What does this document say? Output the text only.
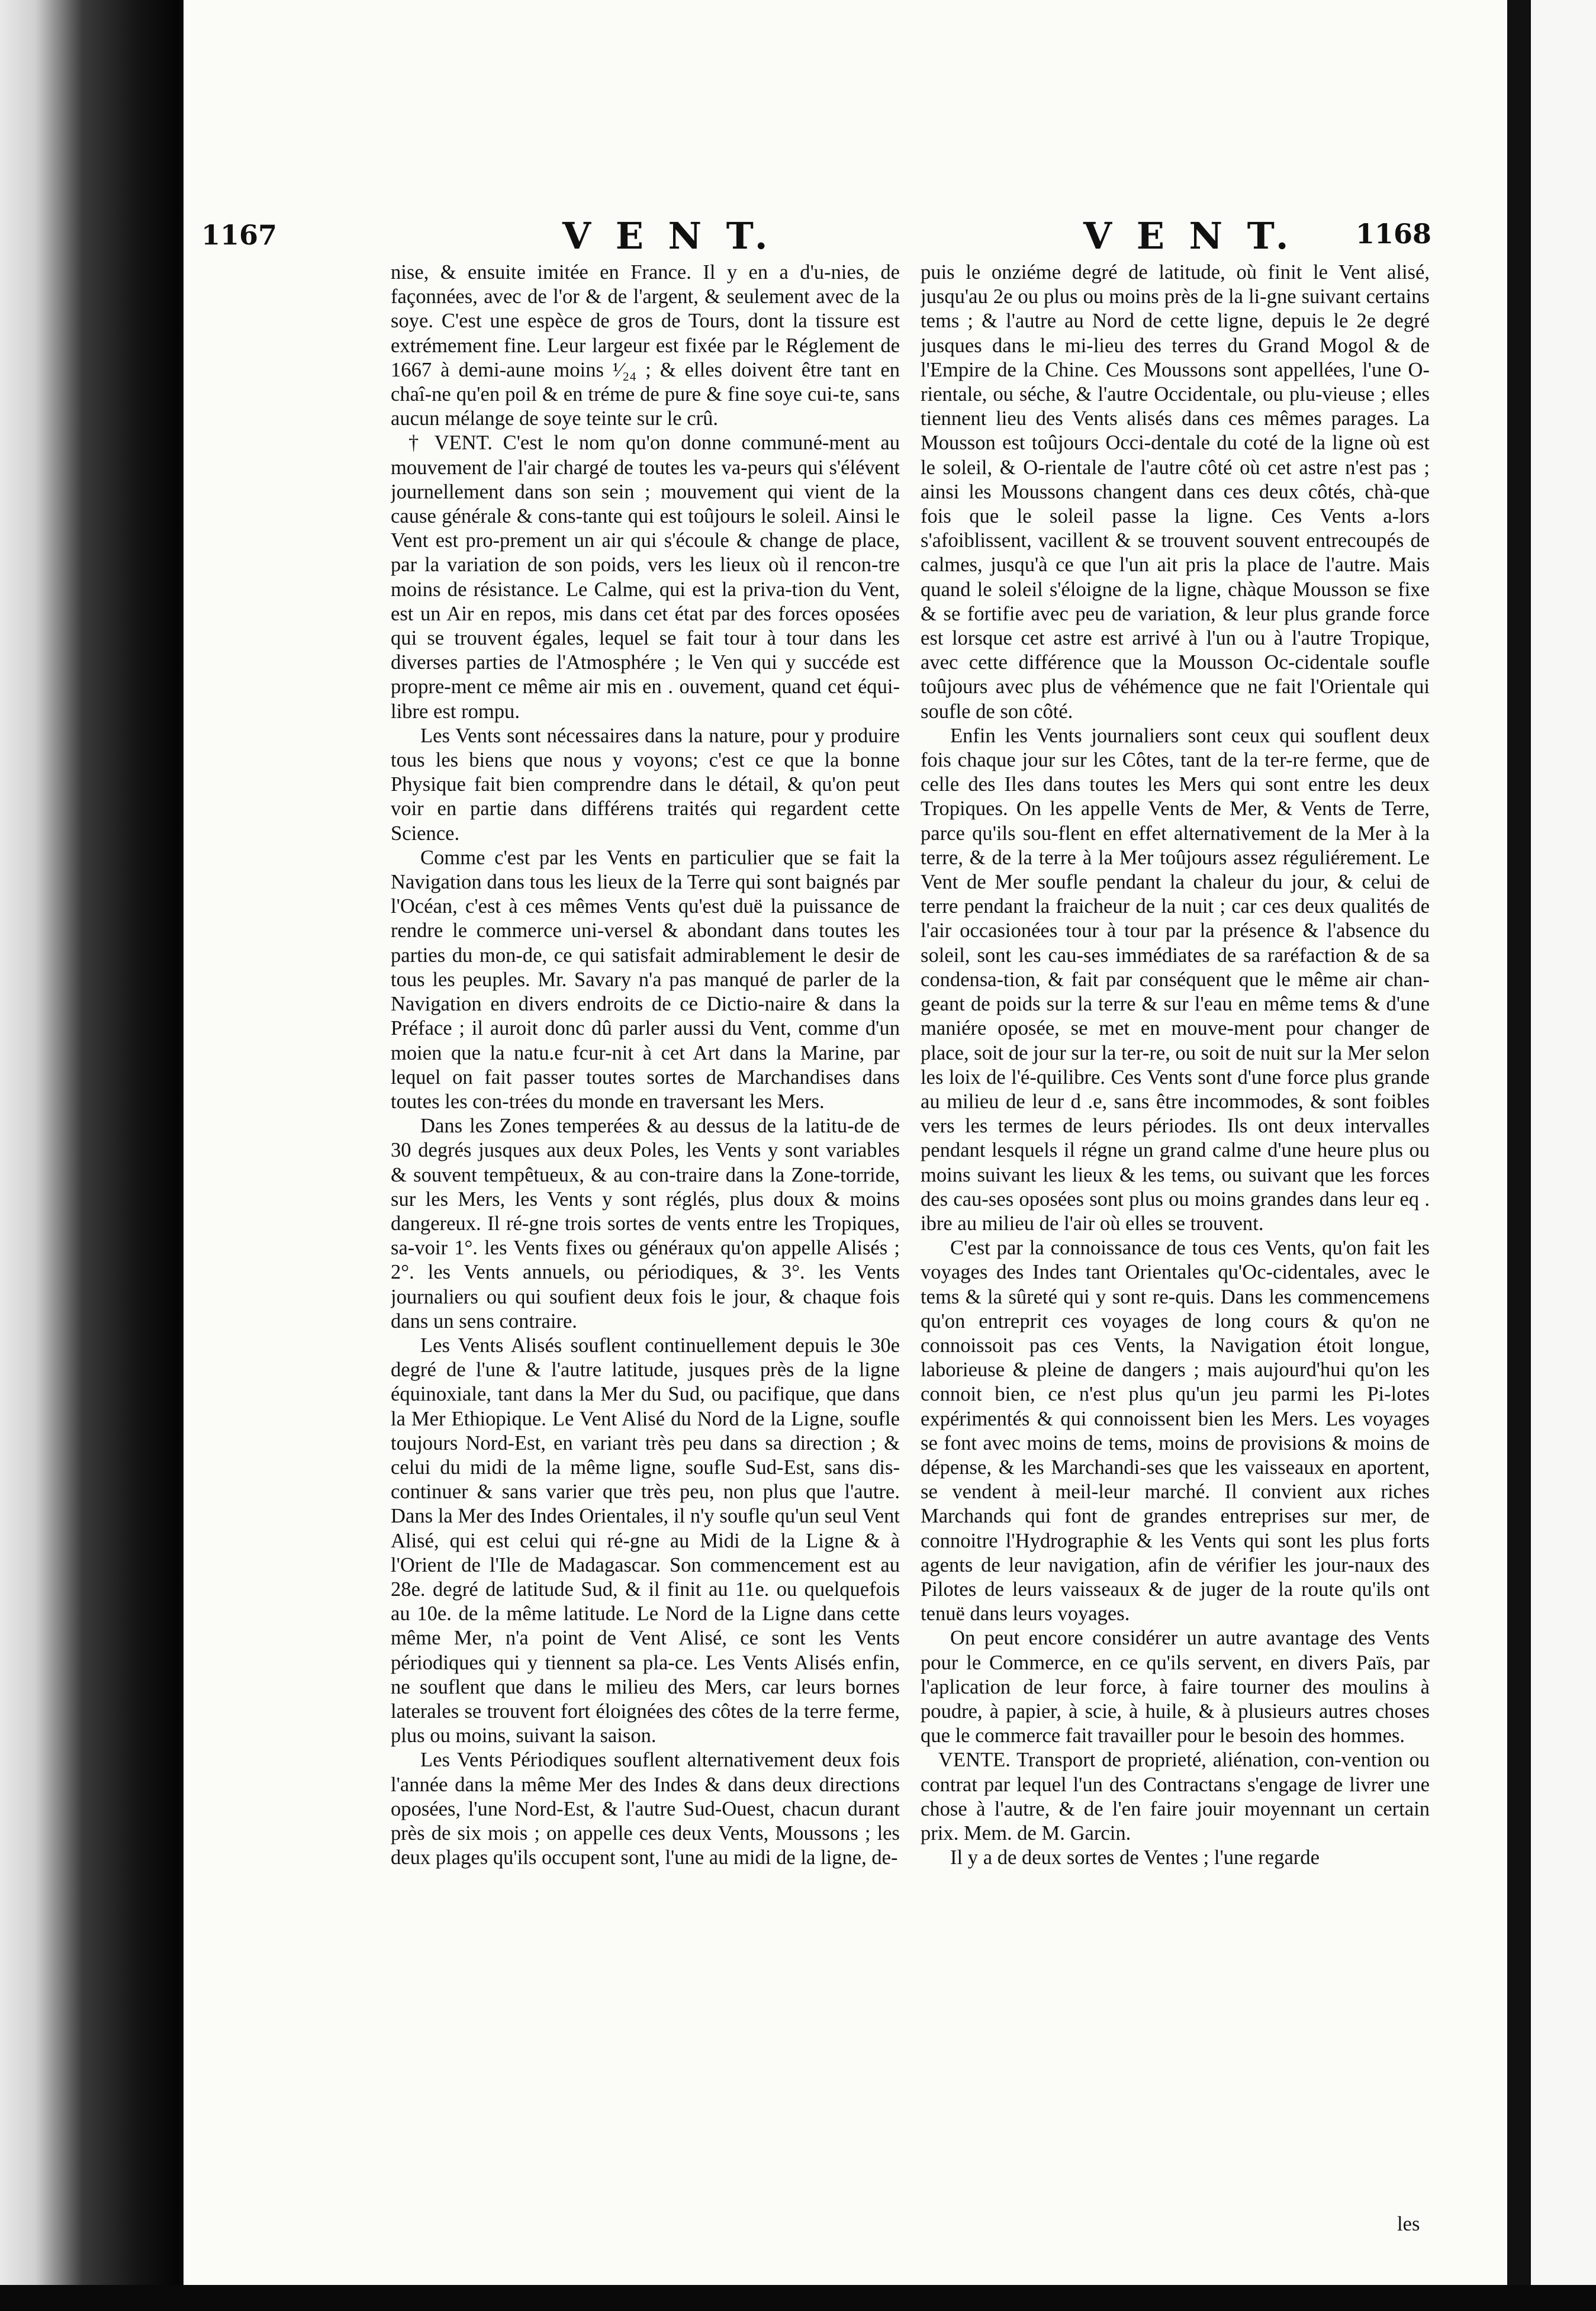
1167	V E N T.	V E N T. 1168

nise, & ensuite imitée en France. Il y en a d'u-nies, de façonnées, avec de l'or & de l'argent, & seulement avec de la soye. C'est une espèce de gros de Tours, dont la tissure est extrémement fine. Leur largeur est fixée par le Réglement de 1667 à demi-aune moins ¹⁄₂₄ ; & elles doivent être tant en chaî-ne qu'en poil & en tréme de pure & fine soye cui-te, sans aucun mélange de soye teinte sur le crû.

† VENT. C'est le nom qu'on donne communé-ment au mouvement de l'air chargé de toutes les va-peurs qui s'élévent journellement dans son sein ; mouvement qui vient de la cause générale & cons-tante qui est toûjours le soleil. Ainsi le Vent est pro-prement un air qui s'écoule & change de place, par la variation de son poids, vers les lieux où il rencon-tre moins de résistance. Le Calme, qui est la priva-tion du Vent, est un Air en repos, mis dans cet état par des forces oposées qui se trouvent égales, lequel se fait tour à tour dans les diverses parties de l'Atmosphére ; le Ven qui y succéde est propre-ment ce même air mis en . ouvement, quand cet équi-libre est rompu.

Les Vents sont nécessaires dans la nature, pour y produire tous les biens que nous y voyons; c'est ce que la bonne Physique fait bien comprendre dans le détail, & qu'on peut voir en partie dans différens traités qui regardent cette Science.

Comme c'est par les Vents en particulier que se fait la Navigation dans tous les lieux de la Terre qui sont baignés par l'Océan, c'est à ces mêmes Vents qu'est duë la puissance de rendre le commerce uni-versel & abondant dans toutes les parties du mon-de, ce qui satisfait admirablement le desir de tous les peuples. Mr. Savary n'a pas manqué de parler de la Navigation en divers endroits de ce Dictio-naire & dans la Préface ; il auroit donc dû parler aussi du Vent, comme d'un moien que la natu.e fcur-nit à cet Art dans la Marine, par lequel on fait passer toutes sortes de Marchandises dans toutes les con-trées du monde en traversant les Mers.

Dans les Zones temperées & au dessus de la latitu-de de 30 degrés jusques aux deux Poles, les Vents y sont variables & souvent tempêtueux, & au con-traire dans la Zone-torride, sur les Mers, les Vents y sont réglés, plus doux & moins dangereux. Il ré-gne trois sortes de vents entre les Tropiques, sa-voir 1°. les Vents fixes ou généraux qu'on appelle Alisés ; 2°. les Vents annuels, ou périodiques, & 3°. les Vents journaliers ou qui soufient deux fois le jour, & chaque fois dans un sens contraire.

Les Vents Alisés souflent continuellement depuis le 30e degré de l'une & l'autre latitude, jusques près de la ligne équinoxiale, tant dans la Mer du Sud, ou pacifique, que dans la Mer Ethiopique. Le Vent Alisé du Nord de la Ligne, soufle toujours Nord-Est, en variant très peu dans sa direction ; & celui du midi de la même ligne, soufle Sud-Est, sans dis-continuer & sans varier que très peu, non plus que l'autre. Dans la Mer des Indes Orientales, il n'y soufle qu'un seul Vent Alisé, qui est celui qui ré-gne au Midi de la Ligne & à l'Orient de l'Ile de Madagascar. Son commencement est au 28e. degré de latitude Sud, & il finit au 11e. ou quelquefois au 10e. de la même latitude. Le Nord de la Ligne dans cette même Mer, n'a point de Vent Alisé, ce sont les Vents périodiques qui y tiennent sa pla-ce. Les Vents Alisés enfin, ne souflent que dans le milieu des Mers, car leurs bornes laterales se trouvent fort éloignées des côtes de la terre ferme, plus ou moins, suivant la saison.

Les Vents Périodiques souflent alternativement deux fois l'année dans la même Mer des Indes & dans deux directions oposées, l'une Nord-Est, & l'autre Sud-Ouest, chacun durant près de six mois ; on appelle ces deux Vents, Moussons ; les deux plages qu'ils occupent sont, l'une au midi de la ligne, de-

puis le onziéme degré de latitude, où finit le Vent alisé, jusqu'au 2e ou plus ou moins près de la li-gne suivant certains tems ; & l'autre au Nord de cette ligne, depuis le 2e degré jusques dans le mi-lieu des terres du Grand Mogol & de l'Empire de la Chine. Ces Moussons sont appellées, l'une O-rientale, ou séche, & l'autre Occidentale, ou plu-vieuse ; elles tiennent lieu des Vents alisés dans ces mêmes parages. La Mousson est toûjours Occi-dentale du coté de la ligne où est le soleil, & O-rientale de l'autre côté où cet astre n'est pas ; ainsi les Moussons changent dans ces deux côtés, chà-que fois que le soleil passe la ligne. Ces Vents a-lors s'afoiblissent, vacillent & se trouvent souvent entrecoupés de calmes, jusqu'à ce que l'un ait pris la place de l'autre. Mais quand le soleil s'éloigne de la ligne, chàque Mousson se fixe & se fortifie avec peu de variation, & leur plus grande force est lorsque cet astre est arrivé à l'un ou à l'autre Tropique, avec cette différence que la Mousson Oc-cidentale soufle toûjours avec plus de véhémence que ne fait l'Orientale qui soufle de son côté.

Enfin les Vents journaliers sont ceux qui souflent deux fois chaque jour sur les Côtes, tant de la ter-re ferme, que de celle des Iles dans toutes les Mers qui sont entre les deux Tropiques. On les appelle Vents de Mer, & Vents de Terre, parce qu'ils sou-flent en effet alternativement de la Mer à la terre, & de la terre à la Mer toûjours assez réguliérement. Le Vent de Mer soufle pendant la chaleur du jour, & celui de terre pendant la fraicheur de la nuit ; car ces deux qualités de l'air occasionées tour à tour par la présence & l'absence du soleil, sont les cau-ses immédiates de sa raréfaction & de sa condensa-tion, & fait par conséquent que le même air chan-geant de poids sur la terre & sur l'eau en même tems & d'une maniére oposée, se met en mouve-ment pour changer de place, soit de jour sur la ter-re, ou soit de nuit sur la Mer selon les loix de l'é-quilibre. Ces Vents sont d'une force plus grande au milieu de leur d .e, sans être incommodes, & sont foibles vers les termes de leurs périodes. Ils ont deux intervalles pendant lesquels il régne un grand calme d'une heure plus ou moins suivant les lieux & les tems, ou suivant que les forces des cau-ses oposées sont plus ou moins grandes dans leur eq . ibre au milieu de l'air où elles se trouvent.

C'est par la connoissance de tous ces Vents, qu'on fait les voyages des Indes tant Orientales qu'Oc-cidentales, avec le tems & la sûreté qui y sont re-quis. Dans les commencemens qu'on entreprit ces voyages de long cours & qu'on ne connoissoit pas ces Vents, la Navigation étoit longue, laborieuse & pleine de dangers ; mais aujourd'hui qu'on les connoit bien, ce n'est plus qu'un jeu parmi les Pi-lotes expérimentés & qui connoissent bien les Mers. Les voyages se font avec moins de tems, moins de provisions & moins de dépense, & les Marchandi-ses que les vaisseaux en aportent, se vendent à meil-leur marché. Il convient aux riches Marchands qui font de grandes entreprises sur mer, de connoitre l'Hydrographie & les Vents qui sont les plus forts agents de leur navigation, afin de vérifier les jour-naux des Pilotes de leurs vaisseaux & de juger de la route qu'ils ont tenuë dans leurs voyages.

On peut encore considérer un autre avantage des Vents pour le Commerce, en ce qu'ils servent, en divers Païs, par l'aplication de leur force, à faire tourner des moulins à poudre, à papier, à scie, à huile, & à plusieurs autres choses que le commerce fait travailler pour le besoin des hommes.

VENTE. Transport de proprieté, aliénation, con-vention ou contrat par lequel l'un des Contractans s'engage de livrer une chose à l'autre, & de l'en faire jouir moyennant un certain prix. Mem. de M. Garcin.

Il y a de deux sortes de Ventes ; l'une regarde

les
